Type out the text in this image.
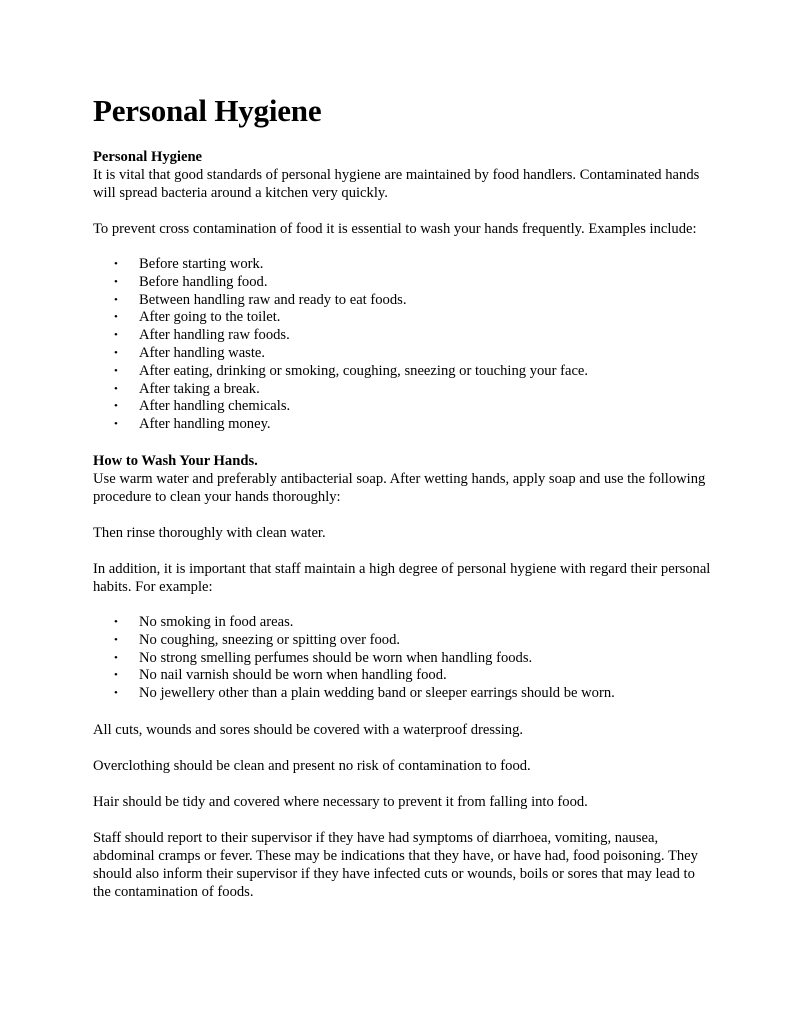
Personal Hygiene

Personal Hygiene
It is vital that good standards of personal hygiene are maintained by food handlers. Contaminated hands will spread bacteria around a kitchen very quickly.

To prevent cross contamination of food it is essential to wash your hands frequently. Examples include:

• Before starting work.
• Before handling food.
• Between handling raw and ready to eat foods.
• After going to the toilet.
• After handling raw foods.
• After handling waste.
• After eating, drinking or smoking, coughing, sneezing or touching your face.
• After taking a break.
• After handling chemicals.
• After handling money.

How to Wash Your Hands.
Use warm water and preferably antibacterial soap. After wetting hands, apply soap and use the following procedure to clean your hands thoroughly:

Then rinse thoroughly with clean water.

In addition, it is important that staff maintain a high degree of personal hygiene with regard their personal habits. For example:

• No smoking in food areas.
• No coughing, sneezing or spitting over food.
• No strong smelling perfumes should be worn when handling foods.
• No nail varnish should be worn when handling food.
• No jewellery other than a plain wedding band or sleeper earrings should be worn.

All cuts, wounds and sores should be covered with a waterproof dressing.

Overclothing should be clean and present no risk of contamination to food.

Hair should be tidy and covered where necessary to prevent it from falling into food.

Staff should report to their supervisor if they have had symptoms of diarrhoea, vomiting, nausea, abdominal cramps or fever. These may be indications that they have, or have had, food poisoning. They should also inform their supervisor if they have infected cuts or wounds, boils or sores that may lead to the contamination of foods.
